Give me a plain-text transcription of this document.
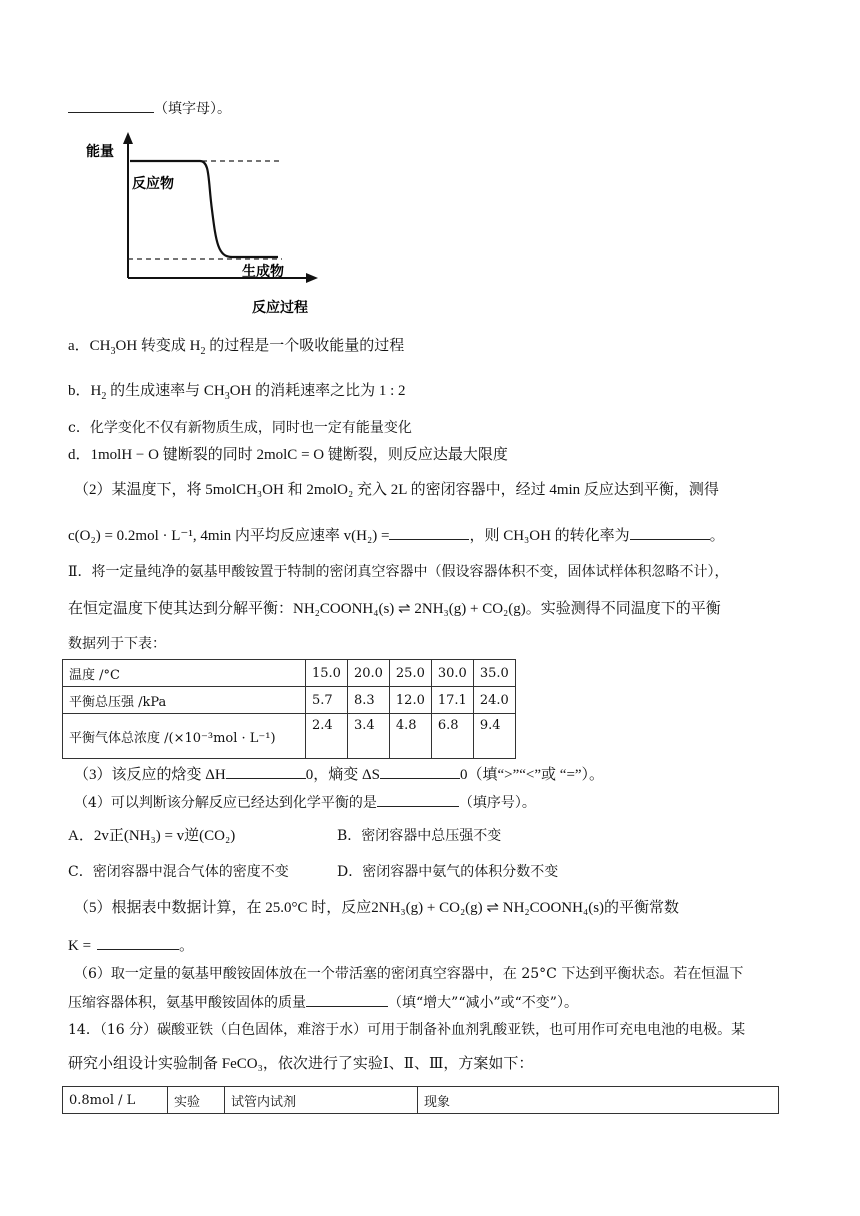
（填字母）。
能量
反应物
生成物
反应过程
a．$CH_3OH$ 转变成 $H_2$ 的过程是一个吸收能量的过程
b．$H_2$ 的生成速率与 $CH_3OH$ 的消耗速率之比为 1 : 2
c．化学变化不仅有新物质生成，同时也一定有能量变化
d．1molH − O 键断裂的同时 2molC = O 键断裂，则反应达最大限度
（2）某温度下，将 5molCH₃OH 和 2molO₂ 充入 2L 的密闭容器中，经过 4min 反应达到平衡，测得
c(O₂) = 0.2mol · L⁻¹, 4min 内平均反应速率 v(H₂) =	，则 CH₃OH 的转化率为	。
Ⅱ．将一定量纯净的氨基甲酸铵置于特制的密闭真空容器中（假设容器体积不变，固体试样体积忽略不计），
在恒定温度下使其达到分解平衡：NH₂COONH₄(s) ⇌ 2NH₃(g) + CO₂(g)。实验测得不同温度下的平衡
数据列于下表：
温度 /°C	15.0	20.0	25.0	30.0	35.0
平衡总压强 /kPa	5.7	8.3	12.0	17.1	24.0
平衡气体总浓度 /(×10⁻³mol · L⁻¹)	2.4	3.4	4.8	6.8	9.4
（3）该反应的焓变 ΔH	0，熵变 ΔS	0（填“>”“<”或 “=”）。
（4）可以判断该分解反应已经达到化学平衡的是	（填序号）。
A．2v正(NH₃) = v逆(CO₂)	B．密闭容器中总压强不变
C．密闭容器中混合气体的密度不变	D．密闭容器中氨气的体积分数不变
（5）根据表中数据计算，在 25.0°C 时，反应2NH₃(g) + CO₂(g) ⇌ NH₂COONH₄(s)的平衡常数
K =	。
（6）取一定量的氨基甲酸铵固体放在一个带活塞的密闭真空容器中，在 25°C 下达到平衡状态。若在恒温下
压缩容器体积，氨基甲酸铵固体的质量	（填“增大”“减小”或“不变”）。
14．（16 分）碳酸亚铁（白色固体，难溶于水）可用于制备补血剂乳酸亚铁，也可用作可充电电池的电极。某
研究小组设计实验制备 FeCO₃，依次进行了实验Ⅰ、Ⅱ、Ⅲ，方案如下：
0.8mol / L	实验	试管内试剂	现象
